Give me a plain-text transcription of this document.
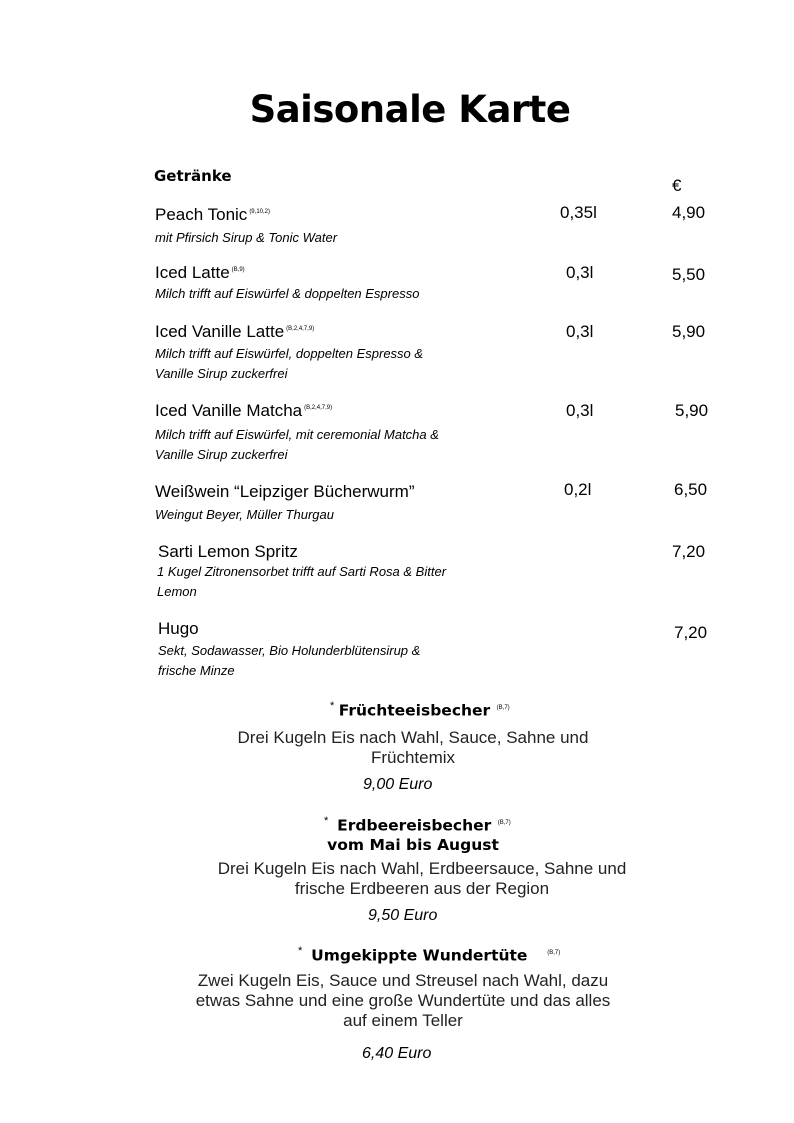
Saisonale Karte
Getränke	€
Peach Tonic $^{(9,10,2)}$
mit Pfirsich Sirup & Tonic Water
0,35l	4,90
Iced Latte $^{(B,9)}$
Milch trifft auf Eiswürfel & doppelten Espresso
0,3l	5,50
Iced Vanille Latte $^{(B,2,4,7,9)}$
Milch trifft auf Eiswürfel, doppelten Espresso & Vanille Sirup zuckerfrei
0,3l	5,90
Iced Vanille Matcha $^{(B,2,4,7,9)}$
Milch trifft auf Eiswürfel, mit ceremonial Matcha & Vanille Sirup zuckerfrei
0,3l	5,90
Weißwein “Leipziger Bücherwurm”
Weingut Beyer, Müller Thurgau
0,2l	6,50
Sarti Lemon Spritz
1 Kugel Zitronensorbet trifft auf Sarti Rosa & Bitter Lemon
7,20
Hugo
Sekt, Sodawasser, Bio Holunderblütensirup & frische Minze
7,20
* Früchteeisbecher $^{(B,7)}$
Drei Kugeln Eis nach Wahl, Sauce, Sahne und Früchtemix
9,00 Euro
* Erdbeereisbecher $^{(B,7)}$
vom Mai bis August
Drei Kugeln Eis nach Wahl, Erdbeersauce, Sahne und frische Erdbeeren aus der Region
9,50 Euro
* Umgekippte Wundertüte	$^{(B,7)}$
Zwei Kugeln Eis, Sauce und Streusel nach Wahl, dazu etwas Sahne und eine große Wundertüte und das alles auf einem Teller
6,40 Euro
